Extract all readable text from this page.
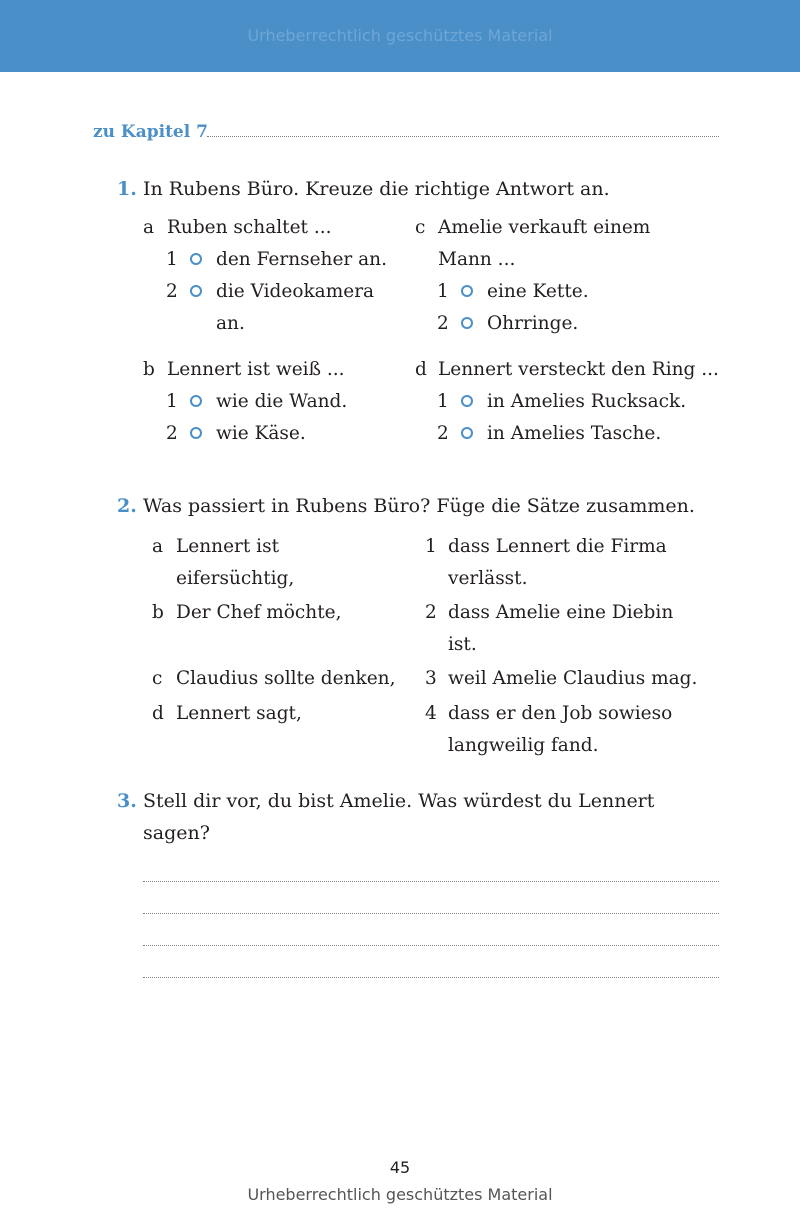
Urheberrechtlich geschütztes Material
zu Kapitel 7
1. In Rubens Büro. Kreuze die richtige Antwort an.
a Ruben schaltet ...
1 den Fernseher an.
2 die Videokamera
an.
c Amelie verkauft einem
Mann ...
1 eine Kette.
2 Ohrringe.
b Lennert ist weiß ...
1 wie die Wand.
2 wie Käse.
d Lennert versteckt den Ring ...
1 in Amelies Rucksack.
2 in Amelies Tasche.
2. Was passiert in Rubens Büro? Füge die Sätze zusammen.
a Lennert ist
eifersüchtig,
b Der Chef möchte,
c Claudius sollte denken,
d Lennert sagt,
1 dass Lennert die Firma
verlässt.
2 dass Amelie eine Diebin
ist.
3 weil Amelie Claudius mag.
4 dass er den Job sowieso
langweilig fand.
3. Stell dir vor, du bist Amelie. Was würdest du Lennert
sagen?
45
Urheberrechtlich geschütztes Material
